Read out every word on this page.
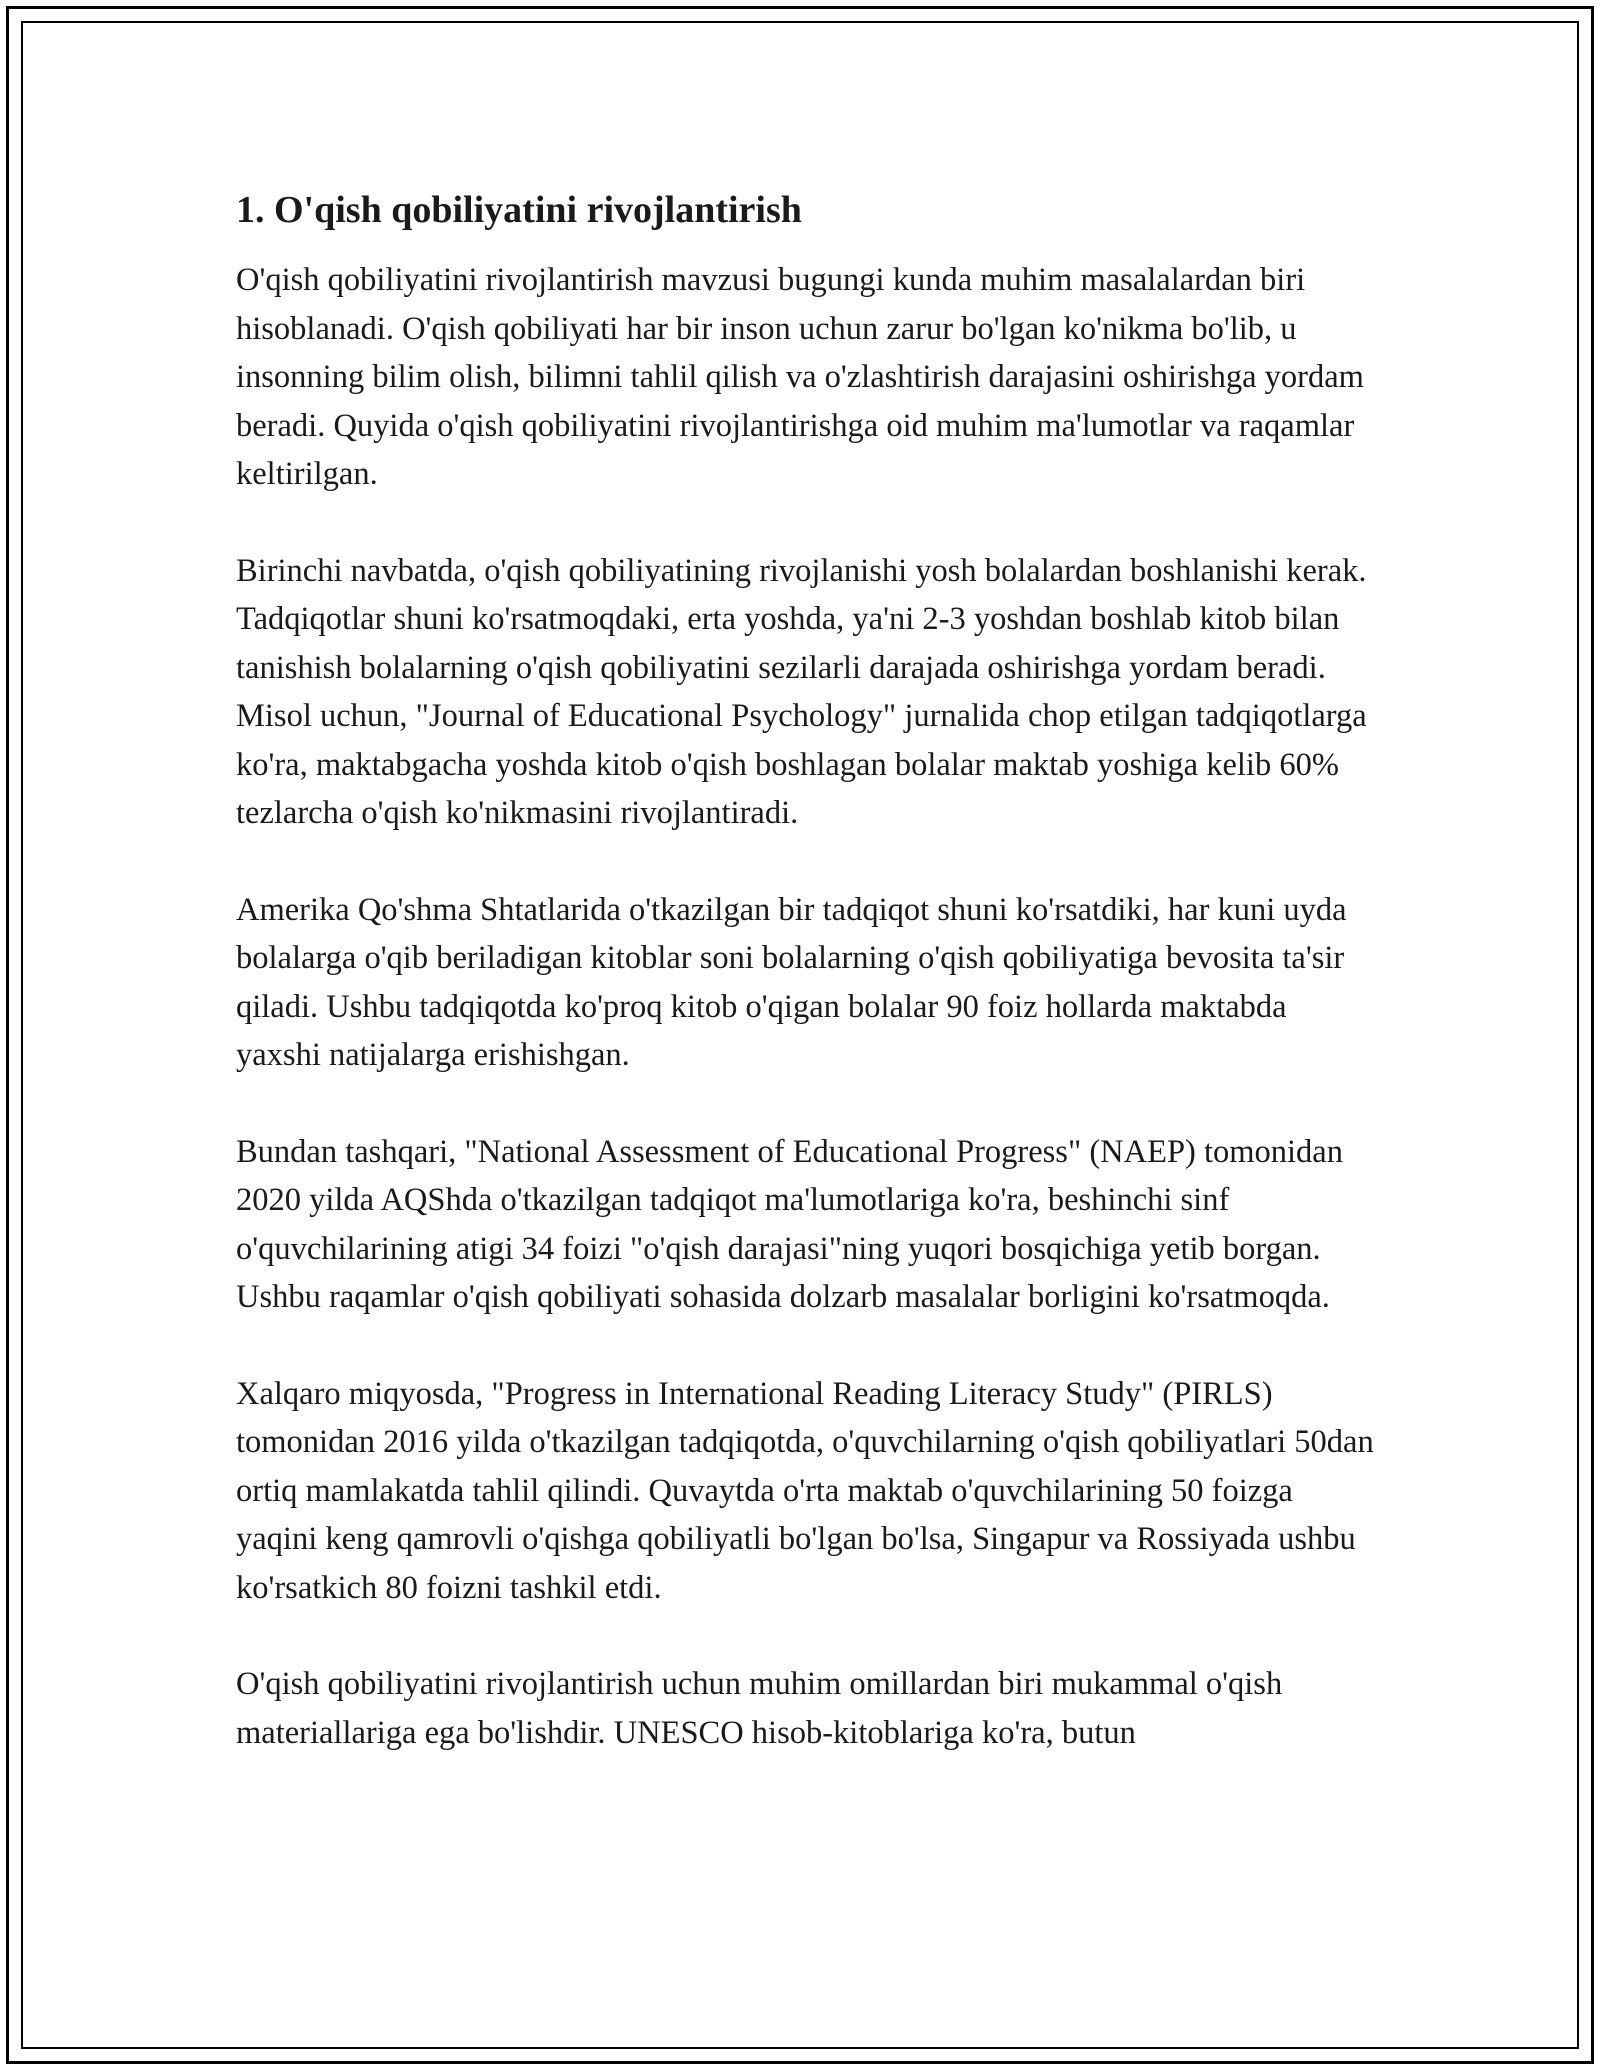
1. O'qish qobiliyatini rivojlantirish

O'qish qobiliyatini rivojlantirish mavzusi bugungi kunda muhim masalalardan biri hisoblanadi. O'qish qobiliyati har bir inson uchun zarur bo'lgan ko'nikma bo'lib, u insonning bilim olish, bilimni tahlil qilish va o'zlashtirish darajasini oshirishga yordam beradi. Quyida o'qish qobiliyatini rivojlantirishga oid muhim ma'lumotlar va raqamlar keltirilgan.

Birinchi navbatda, o'qish qobiliyatining rivojlanishi yosh bolalardan boshlanishi kerak. Tadqiqotlar shuni ko'rsatmoqdaki, erta yoshda, ya'ni 2-3 yoshdan boshlab kitob bilan tanishish bolalarning o'qish qobiliyatini sezilarli darajada oshirishga yordam beradi. Misol uchun, "Journal of Educational Psychology" jurnalida chop etilgan tadqiqotlarga ko'ra, maktabgacha yoshda kitob o'qish boshlagan bolalar maktab yoshiga kelib 60% tezlarcha o'qish ko'nikmasini rivojlantiradi.

Amerika Qo'shma Shtatlarida o'tkazilgan bir tadqiqot shuni ko'rsatdiki, har kuni uyda bolalarga o'qib beriladigan kitoblar soni bolalarning o'qish qobiliyatiga bevosita ta'sir qiladi. Ushbu tadqiqotda ko'proq kitob o'qigan bolalar 90 foiz hollarda maktabda yaxshi natijalarga erishishgan.

Bundan tashqari, "National Assessment of Educational Progress" (NAEP) tomonidan 2020 yilda AQShda o'tkazilgan tadqiqot ma'lumotlariga ko'ra, beshinchi sinf o'quvchilarining atigi 34 foizi "o'qish darajasi"ning yuqori bosqichiga yetib borgan. Ushbu raqamlar o'qish qobiliyati sohasida dolzarb masalalar borligini ko'rsatmoqda.

Xalqaro miqyosda, "Progress in International Reading Literacy Study" (PIRLS) tomonidan 2016 yilda o'tkazilgan tadqiqotda, o'quvchilarning o'qish qobiliyatlari 50dan ortiq mamlakatda tahlil qilindi. Quvaytda o'rta maktab o'quvchilarining 50 foizga yaqini keng qamrovli o'qishga qobiliyatli bo'lgan bo'lsa, Singapur va Rossiyada ushbu ko'rsatkich 80 foizni tashkil etdi.

O'qish qobiliyatini rivojlantirish uchun muhim omillardan biri mukammal o'qish materiallariga ega bo'lishdir. UNESCO hisob-kitoblariga ko'ra, butun
